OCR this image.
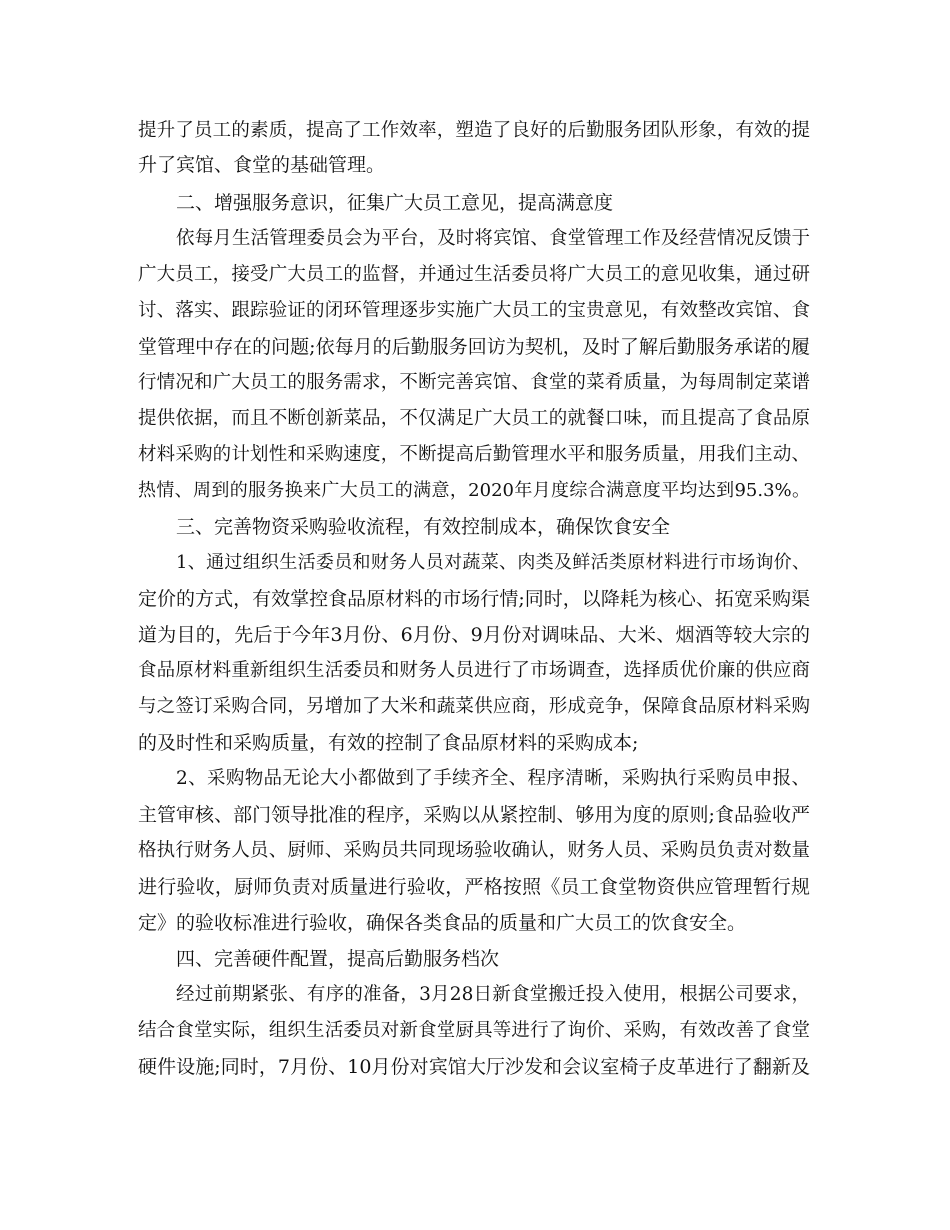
提升了员工的素质，提高了工作效率，塑造了良好的后勤服务团队形象，有效的提
升了宾馆、食堂的基础管理。
二、增强服务意识，征集广大员工意见，提高满意度
依每月生活管理委员会为平台，及时将宾馆、食堂管理工作及经营情况反馈于
广大员工，接受广大员工的监督，并通过生活委员将广大员工的意见收集，通过研
讨、落实、跟踪验证的闭环管理逐步实施广大员工的宝贵意见，有效整改宾馆、食
堂管理中存在的问题;依每月的后勤服务回访为契机，及时了解后勤服务承诺的履
行情况和广大员工的服务需求，不断完善宾馆、食堂的菜肴质量，为每周制定菜谱
提供依据，而且不断创新菜品，不仅满足广大员工的就餐口味，而且提高了食品原
材料采购的计划性和采购速度，不断提高后勤管理水平和服务质量，用我们主动、
热情、周到的服务换来广大员工的满意，2020年月度综合满意度平均达到95.3%。
三、完善物资采购验收流程，有效控制成本，确保饮食安全
1、通过组织生活委员和财务人员对蔬菜、肉类及鲜活类原材料进行市场询价、
定价的方式，有效掌控食品原材料的市场行情;同时，以降耗为核心、拓宽采购渠
道为目的，先后于今年3月份、6月份、9月份对调味品、大米、烟酒等较大宗的
食品原材料重新组织生活委员和财务人员进行了市场调查，选择质优价廉的供应商
与之签订采购合同，另增加了大米和蔬菜供应商，形成竞争，保障食品原材料采购
的及时性和采购质量，有效的控制了食品原材料的采购成本;
2、采购物品无论大小都做到了手续齐全、程序清晰，采购执行采购员申报、
主管审核、部门领导批准的程序，采购以从紧控制、够用为度的原则;食品验收严
格执行财务人员、厨师、采购员共同现场验收确认，财务人员、采购员负责对数量
进行验收，厨师负责对质量进行验收，严格按照《员工食堂物资供应管理暂行规
定》的验收标准进行验收，确保各类食品的质量和广大员工的饮食安全。
四、完善硬件配置，提高后勤服务档次
经过前期紧张、有序的准备，3月28日新食堂搬迁投入使用，根据公司要求，
结合食堂实际，组织生活委员对新食堂厨具等进行了询价、采购，有效改善了食堂
硬件设施;同时，7月份、10月份对宾馆大厅沙发和会议室椅子皮革进行了翻新及
